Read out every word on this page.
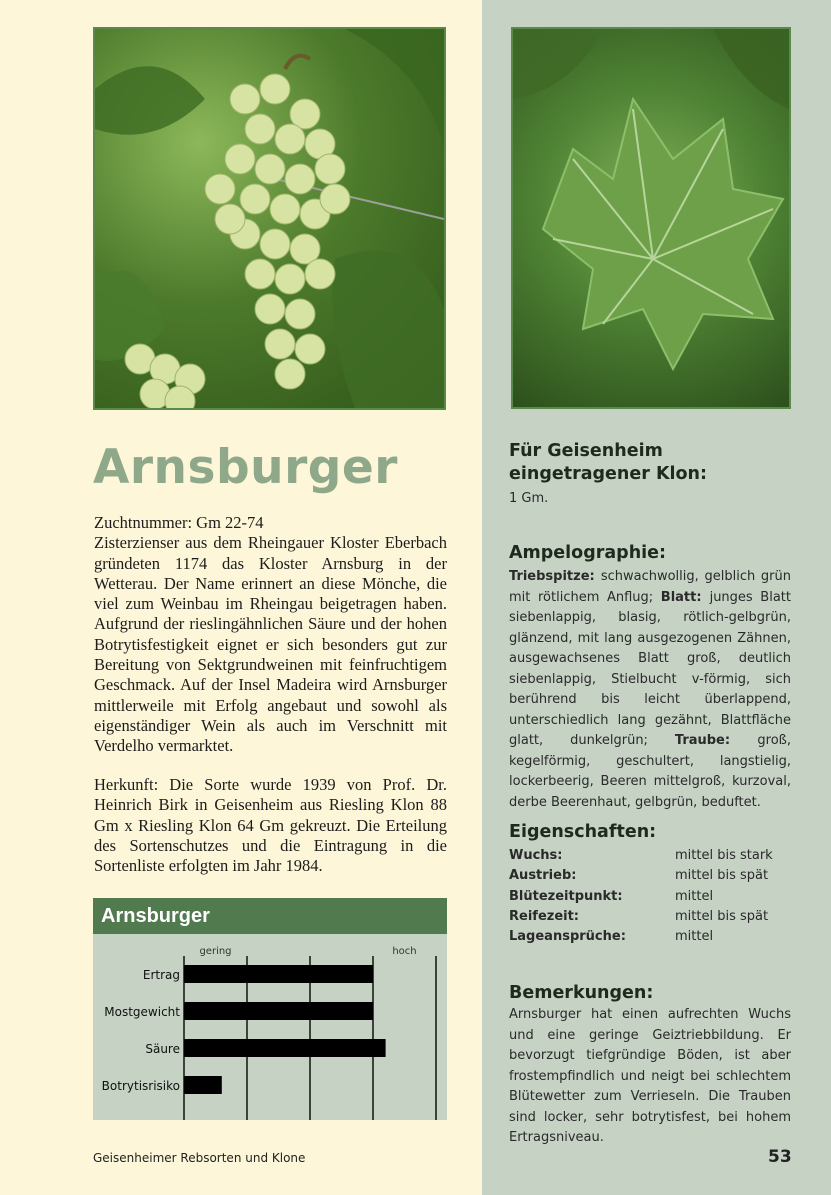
Arnsburger
Zuchtnummer: Gm 22-74
Zisterzienser aus dem Rheingauer Kloster Eberbach gründeten 1174 das Kloster Arnsburg in der Wetterau. Der Name erinnert an diese Mönche, die viel zum Weinbau im Rheingau beigetragen haben. Aufgrund der rieslingähnlichen Säure und der hohen Botrytisfestigkeit eignet er sich besonders gut zur Bereitung von Sektgrundweinen mit feinfruchtigem Geschmack. Auf der Insel Madeira wird Arnsburger mittlerweile mit Erfolg angebaut und sowohl als eigenständiger Wein als auch im Verschnitt mit Verdelho vermarktet.

Herkunft: Die Sorte wurde 1939 von Prof. Dr. Heinrich Birk in Geisenheim aus Riesling Klon 88 Gm x Riesling Klon 64 Gm gekreuzt. Die Erteilung des Sortenschutzes und die Eintragung in die Sortenliste erfolgten im Jahr 1984.

Arnsburger
gering	hoch
Ertrag
Mostgewicht
Säure
Botrytisrisiko
Für Geisenheim
eingetragener Klon:
1 Gm.
Ampelographie:
Triebspitze: schwachwollig, gelblich grün mit rötlichem Anflug; Blatt: junges Blatt siebenlappig, blasig, rötlich-gelbgrün, glänzend, mit lang ausgezogenen Zähnen, ausgewachsenes Blatt groß, deutlich siebenlappig, Stielbucht v-förmig, sich berührend bis leicht überlappend, unterschiedlich lang gezähnt, Blattfläche glatt, dunkelgrün; Traube: groß, kegelförmig, geschultert, langstielig, lockerbeerig, Beeren mittelgroß, kurzoval, derbe Beerenhaut, gelbgrün, beduftet.
Eigenschaften:
Wuchs:	mittel bis stark
Austrieb:	mittel bis spät
Blütezeitpunkt:	mittel
Reifezeit:	mittel bis spät
Lageansprüche:	mittel
Bemerkungen:
Arnsburger hat einen aufrechten Wuchs und eine geringe Geiztriebbildung. Er bevorzugt tiefgründige Böden, ist aber frostempfindlich und neigt bei schlechtem Blütewetter zum Verrieseln. Die Trauben sind locker, sehr botrytisfest, bei hohem Ertragsniveau.
Geisenheimer Rebsorten und Klone	53
